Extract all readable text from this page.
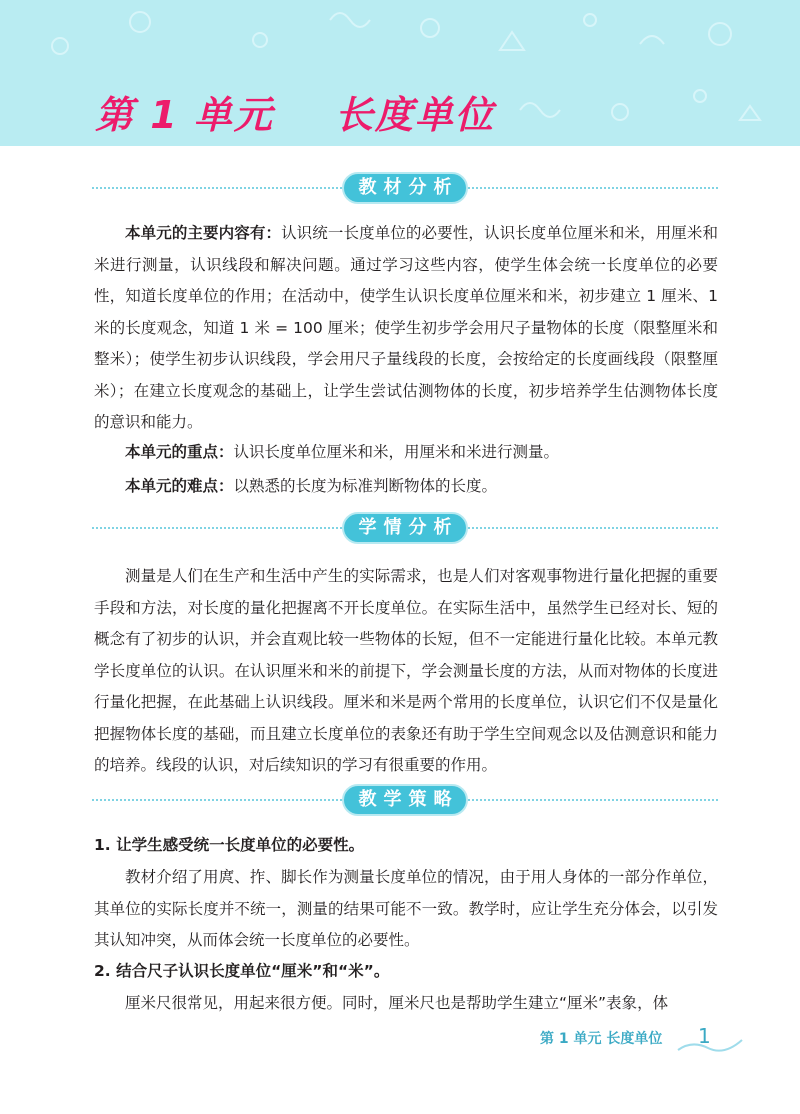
第 1 单元    长度单位
教材分析

本单元的主要内容有：认识统一长度单位的必要性，认识长度单位厘米和米，用厘米和米进行测量，认识线段和解决问题。通过学习这些内容，使学生体会统一长度单位的必要性，知道长度单位的作用；在活动中，使学生认识长度单位厘米和米，初步建立 1 厘米、1 米的长度观念，知道 1 米 = 100 厘米；使学生初步学会用尺子量物体的长度（限整厘米和整米）；使学生初步认识线段，学会用尺子量线段的长度，会按给定的长度画线段（限整厘米）；在建立长度观念的基础上，让学生尝试估测物体的长度，初步培养学生估测物体长度的意识和能力。

本单元的重点：认识长度单位厘米和米，用厘米和米进行测量。

本单元的难点：以熟悉的长度为标准判断物体的长度。

学情分析

测量是人们在生产和生活中产生的实际需求，也是人们对客观事物进行量化把握的重要手段和方法，对长度的量化把握离不开长度单位。在实际生活中，虽然学生已经对长、短的概念有了初步的认识，并会直观比较一些物体的长短，但不一定能进行量化比较。本单元教学长度单位的认识。在认识厘米和米的前提下，学会测量长度的方法，从而对物体的长度进行量化把握，在此基础上认识线段。厘米和米是两个常用的长度单位，认识它们不仅是量化把握物体长度的基础，而且建立长度单位的表象还有助于学生空间观念以及估测意识和能力的培养。线段的认识，对后续知识的学习有很重要的作用。

教学策略

1. 让学生感受统一长度单位的必要性。

教材介绍了用庹、拃、脚长作为测量长度单位的情况，由于用人身体的一部分作单位，其单位的实际长度并不统一，测量的结果可能不一致。教学时，应让学生充分体会，以引发其认知冲突，从而体会统一长度单位的必要性。

2. 结合尺子认识长度单位“厘米”和“米”。

厘米尺很常见，用起来很方便。同时，厘米尺也是帮助学生建立“厘米”表象，体

第 1 单元 长度单位 1
